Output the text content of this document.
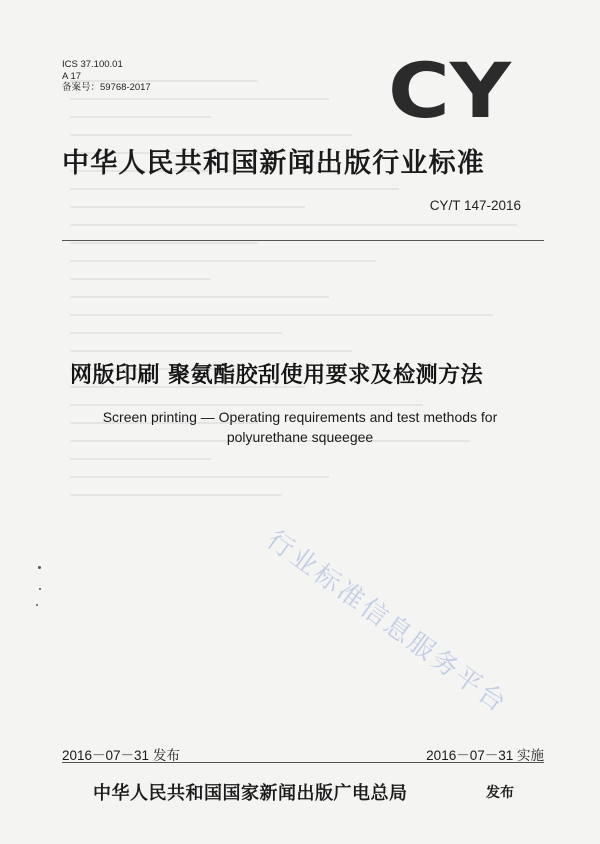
ICS 37.100.01
A 17
备案号：59768-2017	CY
中华人民共和国新闻出版行业标准
CY/T 147-2016
网版印刷 聚氨酯胶刮使用要求及检测方法
Screen printing — Operating requirements and test methods for
polyurethane squeegee
行业标准信息服务平台
2016－07－31 发布	2016－07－31 实施
中华人民共和国国家新闻出版广电总局	发布
